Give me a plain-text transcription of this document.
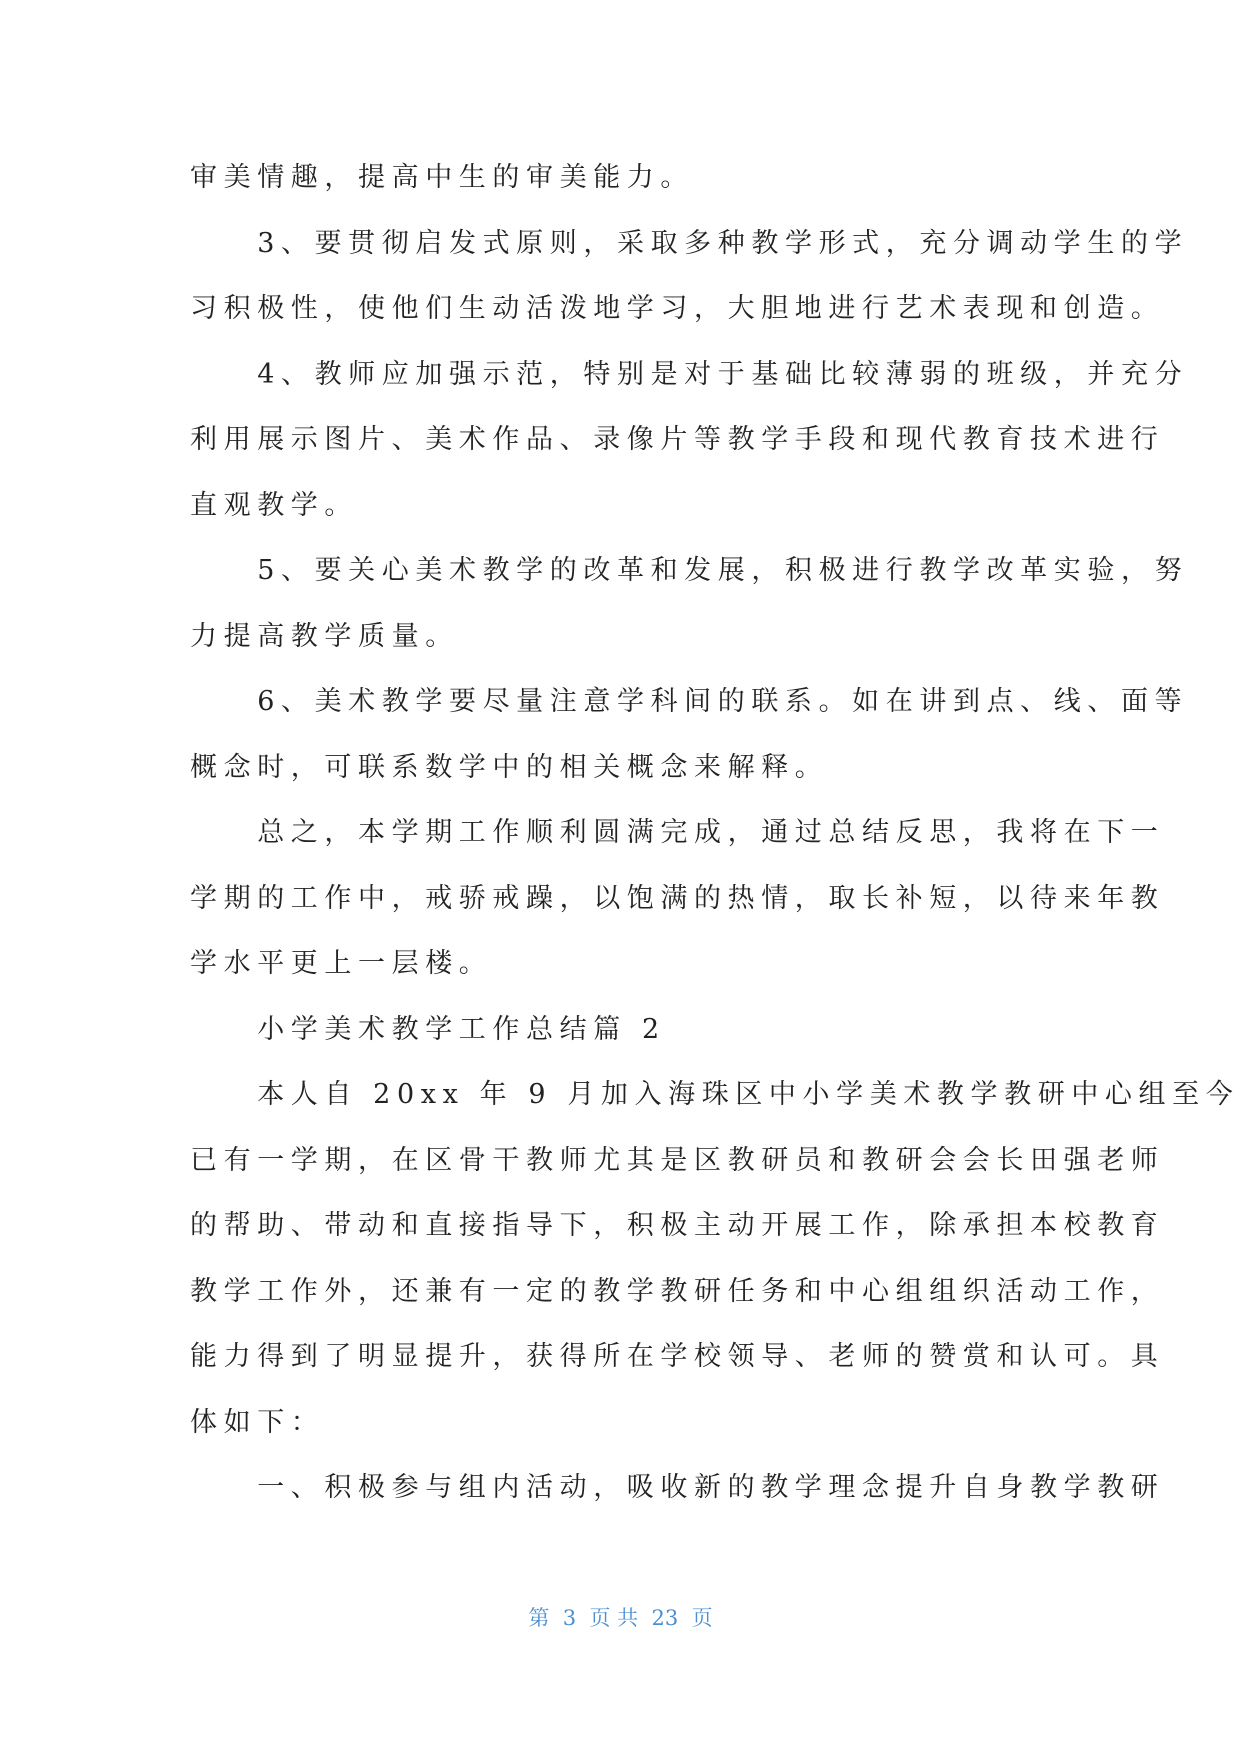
审美情趣，提高中生的审美能力。
　　3、要贯彻启发式原则，采取多种教学形式，充分调动学生的学
习积极性，使他们生动活泼地学习，大胆地进行艺术表现和创造。
　　4、教师应加强示范，特别是对于基础比较薄弱的班级，并充分
利用展示图片、美术作品、录像片等教学手段和现代教育技术进行
直观教学。
　　5、要关心美术教学的改革和发展，积极进行教学改革实验，努
力提高教学质量。
　　6、美术教学要尽量注意学科间的联系。如在讲到点、线、面等
概念时，可联系数学中的相关概念来解释。
　　总之，本学期工作顺利圆满完成，通过总结反思，我将在下一
学期的工作中，戒骄戒躁，以饱满的热情，取长补短，以待来年教
学水平更上一层楼。
　　小学美术教学工作总结篇 2
　　本人自 20xx 年 9 月加入海珠区中小学美术教学教研中心组至今
已有一学期，在区骨干教师尤其是区教研员和教研会会长田强老师
的帮助、带动和直接指导下，积极主动开展工作，除承担本校教育
教学工作外，还兼有一定的教学教研任务和中心组组织活动工作，
能力得到了明显提升，获得所在学校领导、老师的赞赏和认可。具
体如下：
　　一、积极参与组内活动，吸收新的教学理念提升自身教学教研
第  3  页 共  23  页
